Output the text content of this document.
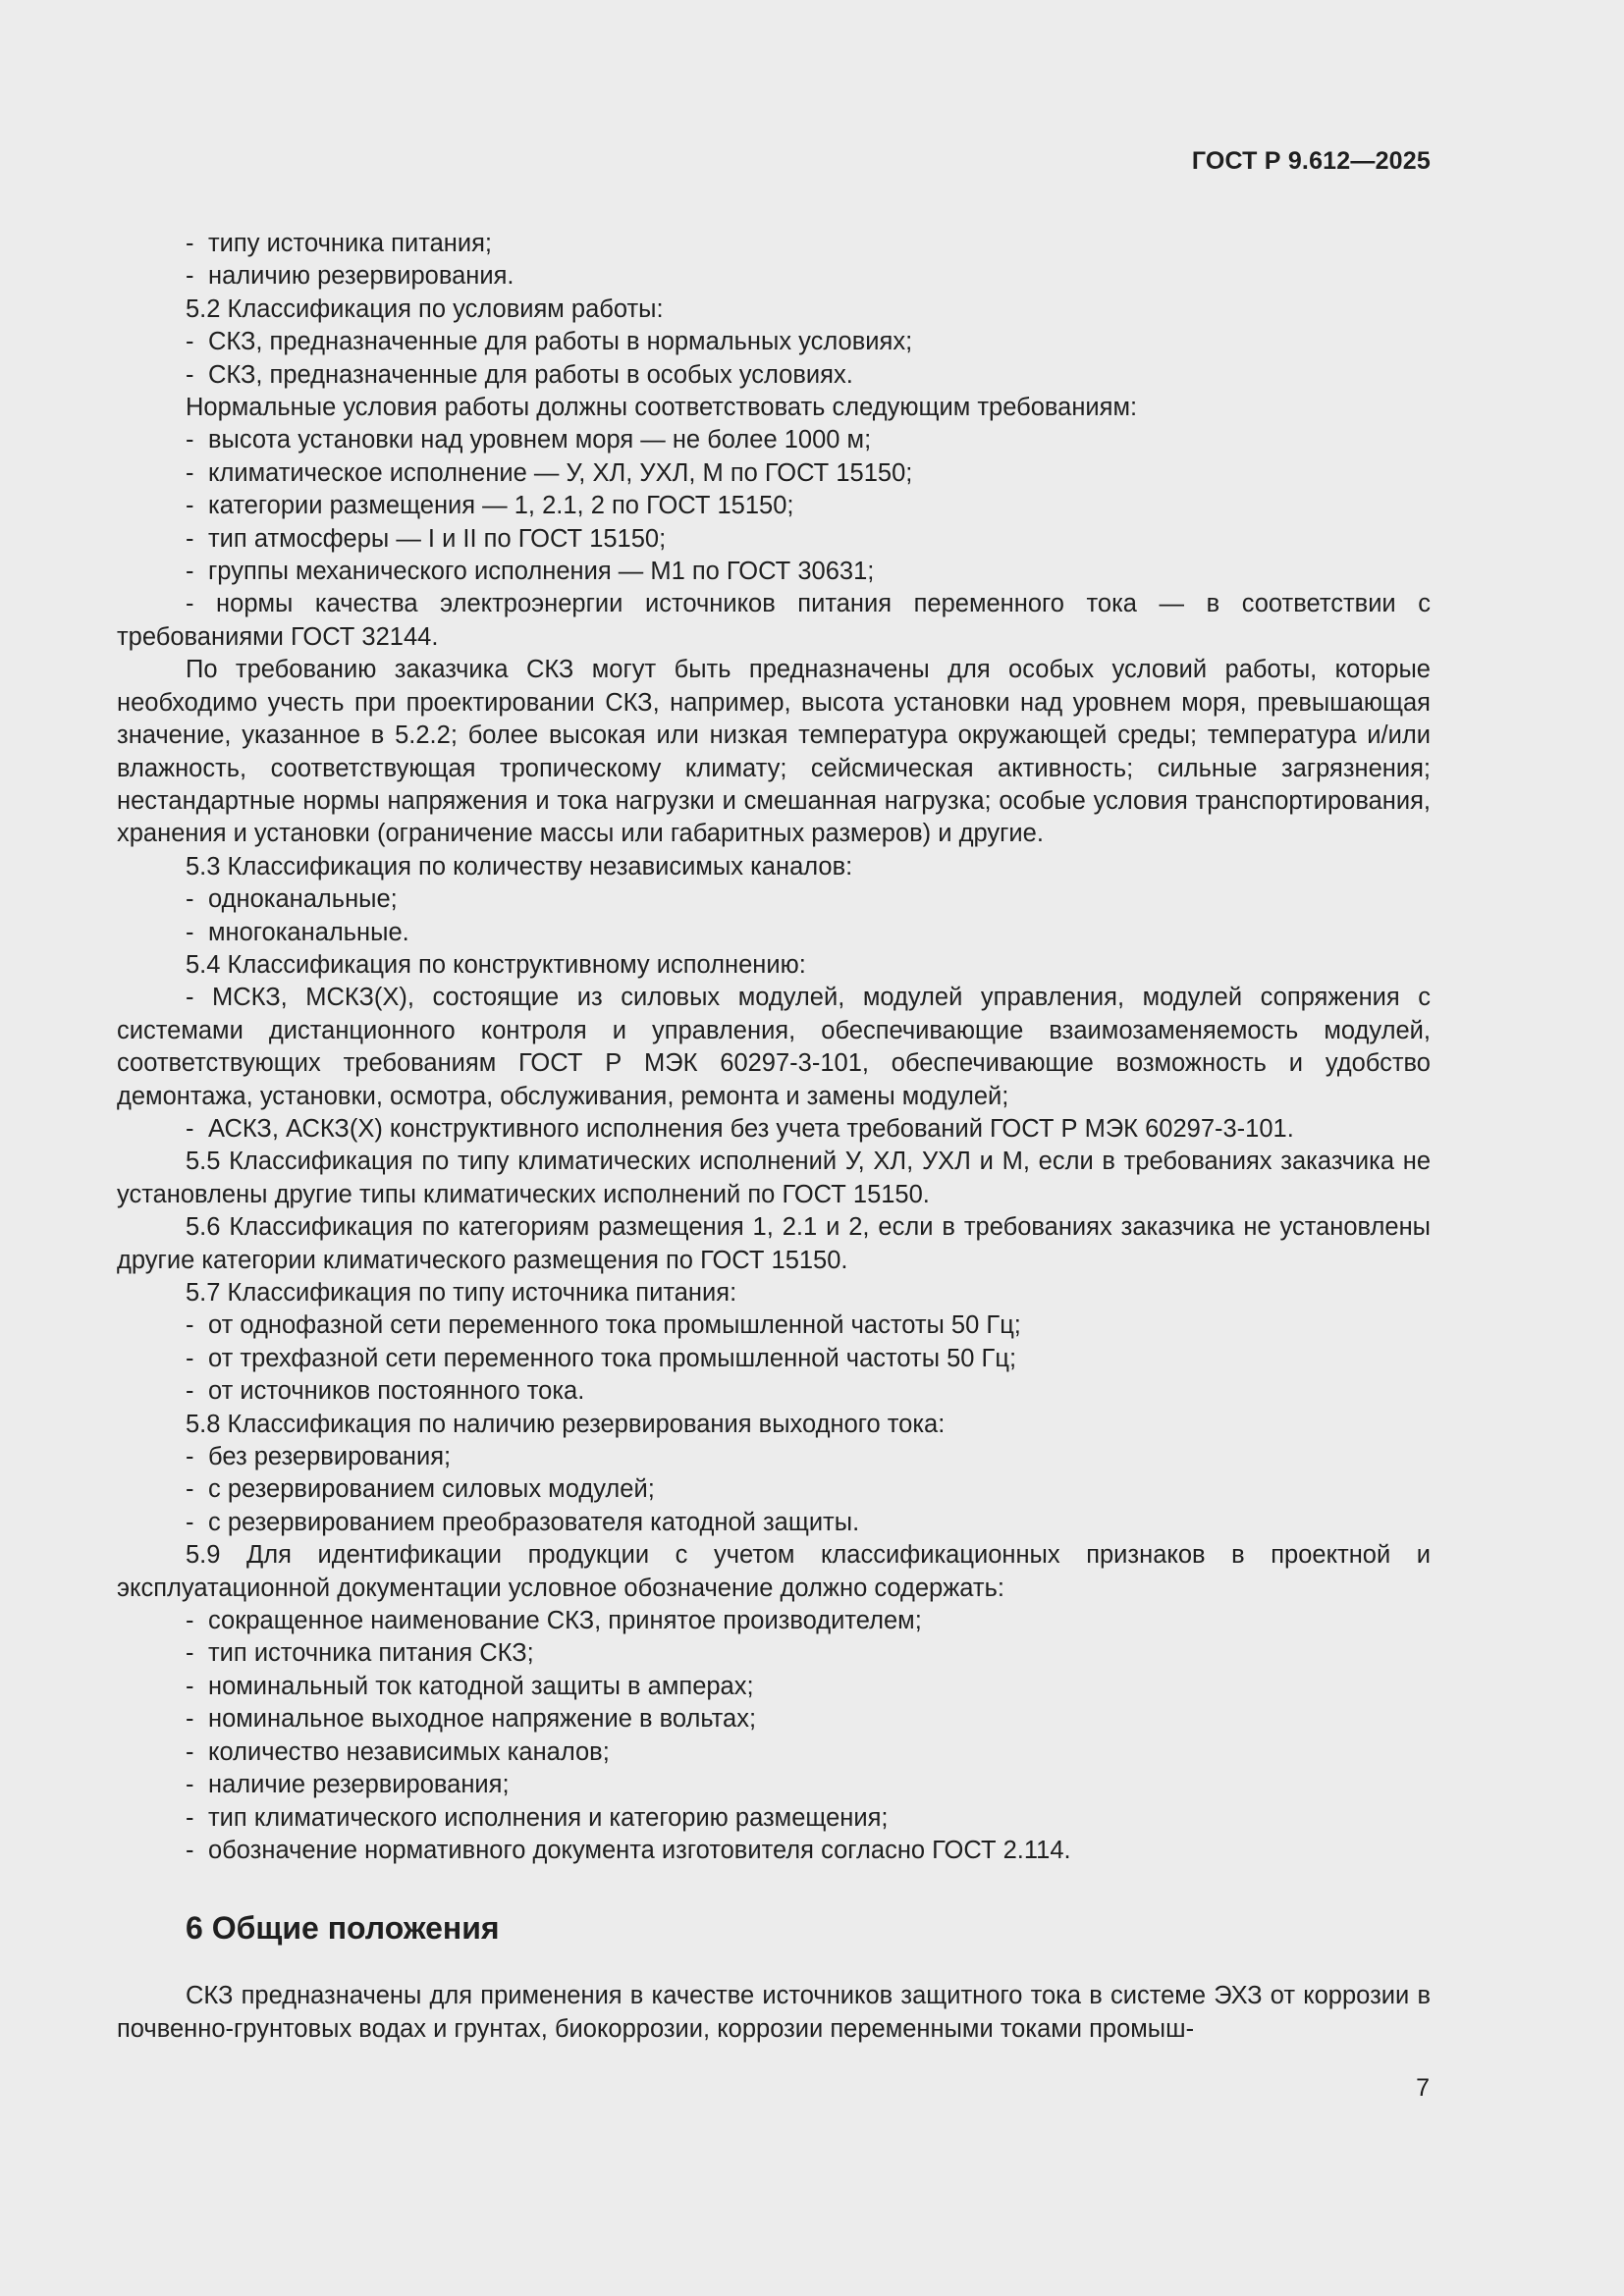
ГОСТ Р 9.612—2025

- типу источника питания;

- наличию резервирования.

5.2 Классификация по условиям работы:

- СКЗ, предназначенные для работы в нормальных условиях;

- СКЗ, предназначенные для работы в особых условиях.

Нормальные условия работы должны соответствовать следующим требованиям:

- высота установки над уровнем моря — не более 1000 м;

- климатическое исполнение — У, ХЛ, УХЛ, М по ГОСТ 15150;

- категории размещения — 1, 2.1, 2 по ГОСТ 15150;

- тип атмосферы — I и II по ГОСТ 15150;

- группы механического исполнения — М1 по ГОСТ 30631;

- нормы качества электроэнергии источников питания переменного тока — в соответствии с требованиями ГОСТ 32144.

По требованию заказчика СКЗ могут быть предназначены для особых условий работы, которые необходимо учесть при проектировании СКЗ, например, высота установки над уровнем моря, превышающая значение, указанное в 5.2.2; более высокая или низкая температура окружающей среды; температура и/или влажность, соответствующая тропическому климату; сейсмическая активность; сильные загрязнения; нестандартные нормы напряжения и тока нагрузки и смешанная нагрузка; особые условия транспортирования, хранения и установки (ограничение массы или габаритных размеров) и другие.

5.3 Классификация по количеству независимых каналов:

- одноканальные;

- многоканальные.

5.4 Классификация по конструктивному исполнению:

- МСКЗ, МСКЗ(Х), состоящие из силовых модулей, модулей управления, модулей сопряжения с системами дистанционного контроля и управления, обеспечивающие взаимозаменяемость модулей, соответствующих требованиям ГОСТ Р МЭК 60297-3-101, обеспечивающие возможность и удобство демонтажа, установки, осмотра, обслуживания, ремонта и замены модулей;

- АСКЗ, АСКЗ(Х) конструктивного исполнения без учета требований ГОСТ Р МЭК 60297-3-101.

5.5 Классификация по типу климатических исполнений У, ХЛ, УХЛ и М, если в требованиях заказчика не установлены другие типы климатических исполнений по ГОСТ 15150.

5.6 Классификация по категориям размещения 1, 2.1 и 2, если в требованиях заказчика не установлены другие категории климатического размещения по ГОСТ 15150.

5.7 Классификация по типу источника питания:

- от однофазной сети переменного тока промышленной частоты 50 Гц;

- от трехфазной сети переменного тока промышленной частоты 50 Гц;

- от источников постоянного тока.

5.8 Классификация по наличию резервирования выходного тока:

- без резервирования;

- с резервированием силовых модулей;

- с резервированием преобразователя катодной защиты.

5.9 Для идентификации продукции с учетом классификационных признаков в проектной и эксплуатационной документации условное обозначение должно содержать:

- сокращенное наименование СКЗ, принятое производителем;

- тип источника питания СКЗ;

- номинальный ток катодной защиты в амперах;

- номинальное выходное напряжение в вольтах;

- количество независимых каналов;

- наличие резервирования;

- тип климатического исполнения и категорию размещения;

- обозначение нормативного документа изготовителя согласно ГОСТ 2.114.

6 Общие положения

СКЗ предназначены для применения в качестве источников защитного тока в системе ЭХЗ от коррозии в почвенно-грунтовых водах и грунтах, биокоррозии, коррозии переменными токами промыш-

7
